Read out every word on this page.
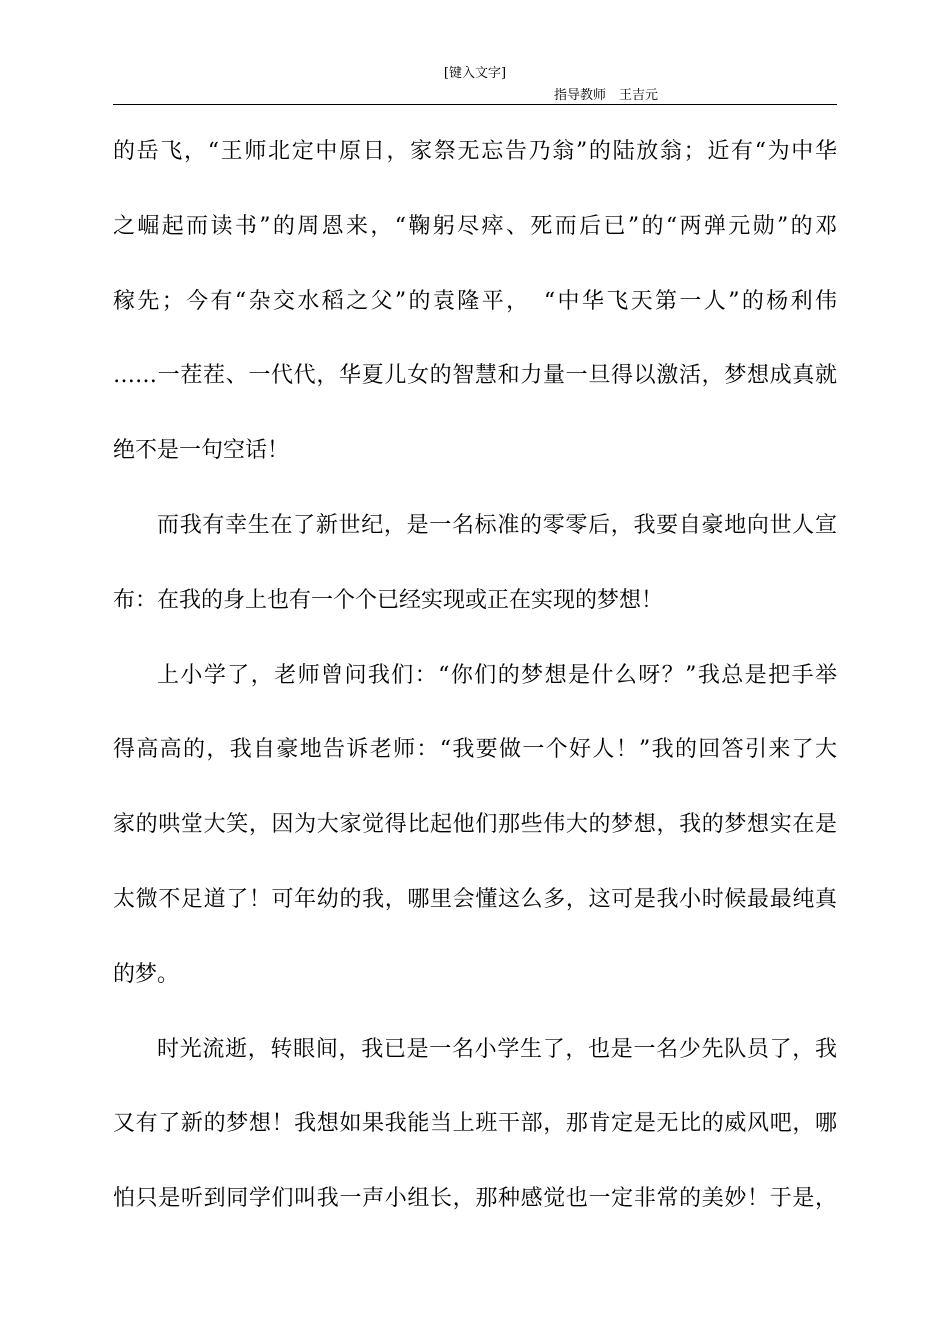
[键入文字]
指导教师　王吉元
的岳飞，“王师北定中原日，家祭无忘告乃翁”的陆放翁；近有“为中华
之崛起而读书”的周恩来，“鞠躬尽瘁、死而后已”的“两弹元勋”的邓
稼先；今有“杂交水稻之父”的袁隆平，　“中华飞天第一人”的杨利伟
……一茬茬、一代代，华夏儿女的智慧和力量一旦得以激活，梦想成真就
绝不是一句空话！
而我有幸生在了新世纪，是一名标准的零零后，我要自豪地向世人宣
布：在我的身上也有一个个已经实现或正在实现的梦想！
上小学了，老师曾问我们：“你们的梦想是什么呀？”我总是把手举
得高高的，我自豪地告诉老师：“我要做一个好人！”我的回答引来了大
家的哄堂大笑，因为大家觉得比起他们那些伟大的梦想，我的梦想实在是
太微不足道了！可年幼的我，哪里会懂这么多，这可是我小时候最最纯真
的梦。
时光流逝，转眼间，我已是一名小学生了，也是一名少先队员了，我
又有了新的梦想！我想如果我能当上班干部，那肯定是无比的威风吧，哪
怕只是听到同学们叫我一声小组长，那种感觉也一定非常的美妙！于是，
